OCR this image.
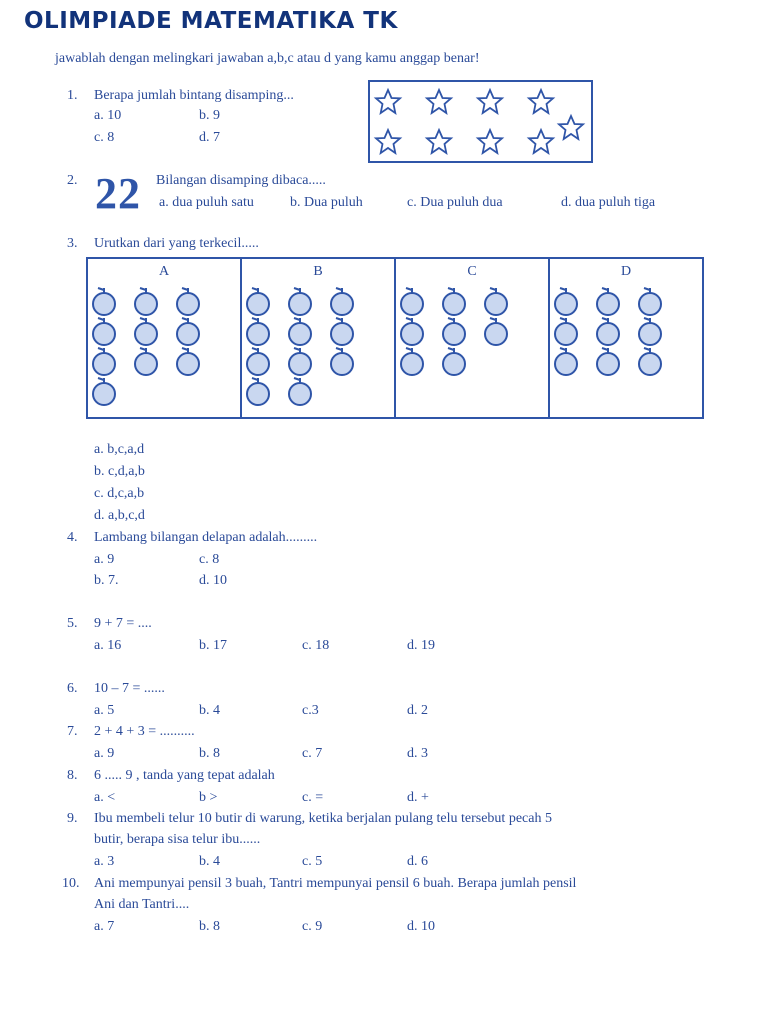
OLIMPIADE MATEMATIKA TK
jawablah dengan melingkari jawaban a,b,c atau d yang kamu anggap benar!
1. Berapa jumlah bintang disamping...
a. 10	b. 9
c. 8	d. 7
2. 22 Bilangan disamping dibaca.....
a. dua puluh satu	b. Dua puluh	c. Dua puluh dua	d. dua puluh tiga
3. Urutkan dari yang terkecil.....
A	B	C	D
a. b,c,a,d
b. c,d,a,b
c. d,c,a,b
d. a,b,c,d
4. Lambang bilangan delapan adalah.........
a. 9	c. 8
b. 7.	d. 10
5. 9 + 7 = ....
a. 16	b. 17	c. 18	d. 19
6. 10 – 7 = ......
a. 5	b. 4	c.3	d. 2
7. 2 + 4 + 3 = ..........
a. 9	b. 8	c. 7	d. 3
8. 6 ..... 9 , tanda yang tepat adalah
a. <	b >	c. =	d. +
9. Ibu membeli telur 10 butir di warung, ketika berjalan pulang telu tersebut pecah 5
butir, berapa sisa telur ibu......
a. 3	b. 4	c. 5	d. 6
10. Ani mempunyai pensil 3 buah, Tantri mempunyai pensil 6 buah. Berapa jumlah pensil
Ani dan Tantri....
a. 7	b. 8	c. 9	d. 10
